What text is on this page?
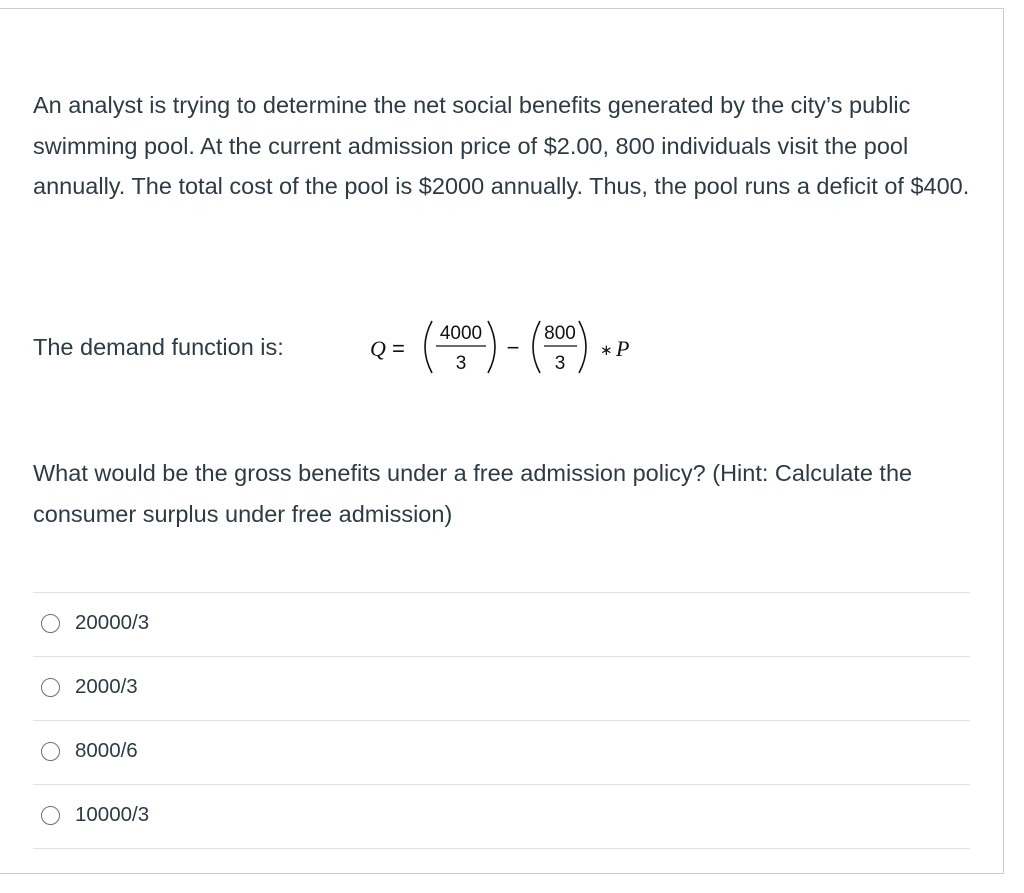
An analyst is trying to determine the net social benefits generated by the city’s public swimming pool. At the current admission price of $2.00, 800 individuals visit the pool annually. The total cost of the pool is $2000 annually. Thus, the pool runs a deficit of $400.

The demand function is:	Q =
4000
3
−
800
3
∗ P

What would be the gross benefits under a free admission policy? (Hint: Calculate the consumer surplus under free admission)

20000/3
2000/3
8000/6
10000/3
